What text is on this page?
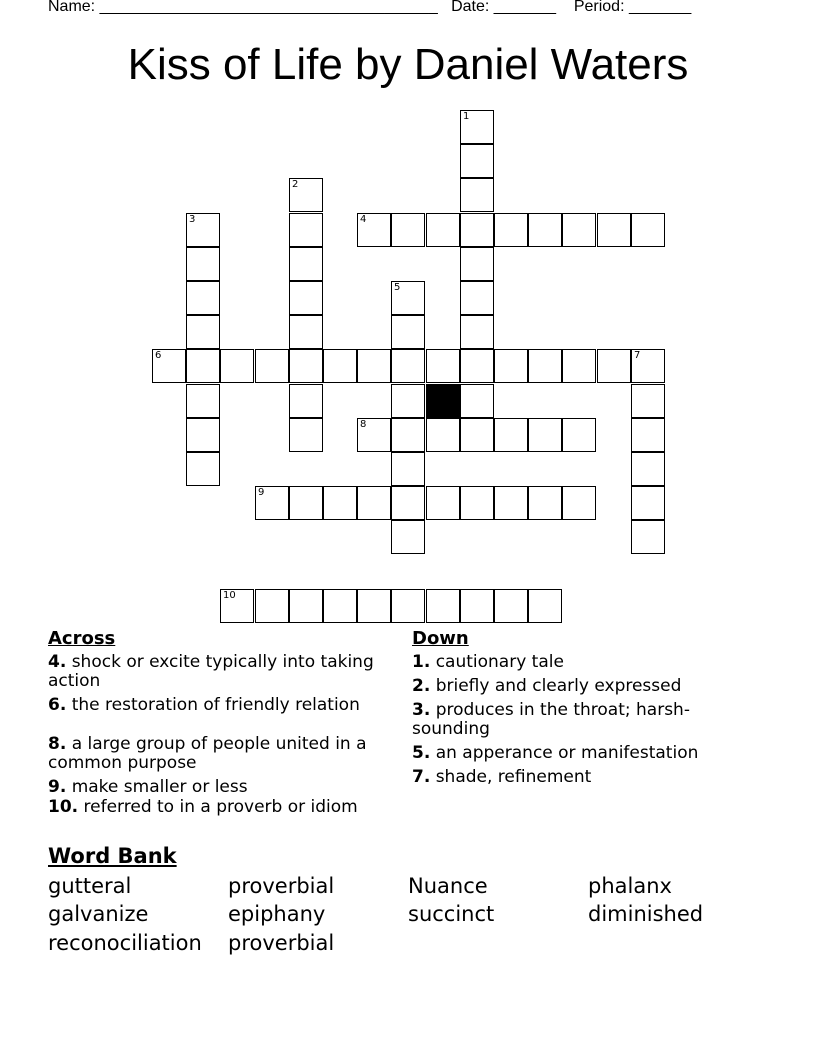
Name: ______________________________________ Date: _______ Period: _______
Kiss of Life by Daniel Waters
1
2
3	4
5
6	7
8
9
10
Across	Down
4. shock or excite typically into taking action
6. the restoration of friendly relation
8. a large group of people united in a common purpose
9. make smaller or less
10. referred to in a proverb or idiom
1. cautionary tale
2. briefly and clearly expressed
3. produces in the throat; harsh-sounding
5. an apperance or manifestation
7. shade, refinement
Word Bank
gutteral	proverbial	Nuance	phalanx
galvanize	epiphany	succinct	diminished
reconociliation proverbial
